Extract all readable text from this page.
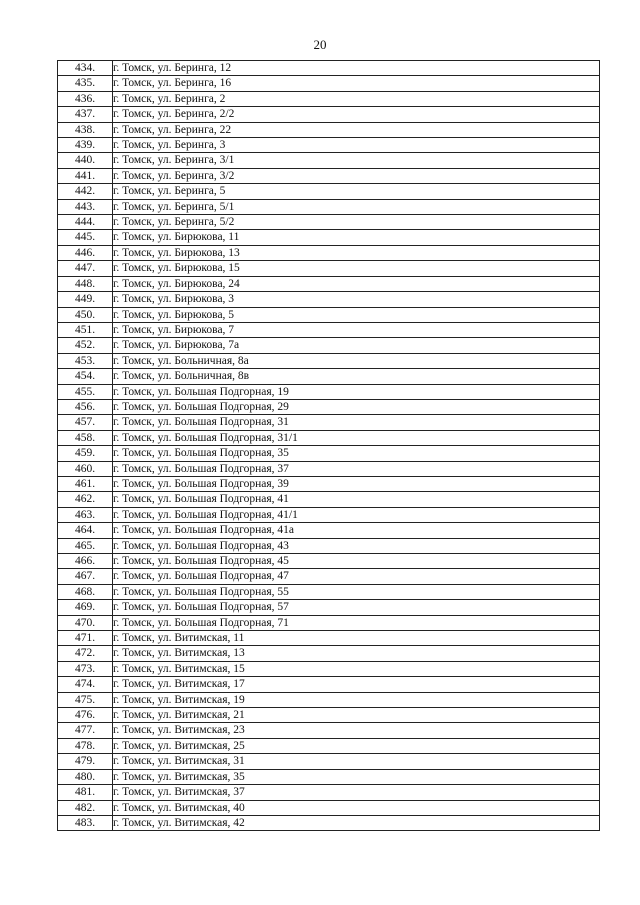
20
434.	г. Томск, ул. Беринга, 12
435.	г. Томск, ул. Беринга, 16
436.	г. Томск, ул. Беринга, 2
437.	г. Томск, ул. Беринга, 2/2
438.	г. Томск, ул. Беринга, 22
439.	г. Томск, ул. Беринга, 3
440.	г. Томск, ул. Беринга, 3/1
441.	г. Томск, ул. Беринга, 3/2
442.	г. Томск, ул. Беринга, 5
443.	г. Томск, ул. Беринга, 5/1
444.	г. Томск, ул. Беринга, 5/2
445.	г. Томск, ул. Бирюкова, 11
446.	г. Томск, ул. Бирюкова, 13
447.	г. Томск, ул. Бирюкова, 15
448.	г. Томск, ул. Бирюкова, 24
449.	г. Томск, ул. Бирюкова, 3
450.	г. Томск, ул. Бирюкова, 5
451.	г. Томск, ул. Бирюкова, 7
452.	г. Томск, ул. Бирюкова, 7а
453.	г. Томск, ул. Больничная, 8а
454.	г. Томск, ул. Больничная, 8в
455.	г. Томск, ул. Большая Подгорная, 19
456.	г. Томск, ул. Большая Подгорная, 29
457.	г. Томск, ул. Большая Подгорная, 31
458.	г. Томск, ул. Большая Подгорная, 31/1
459.	г. Томск, ул. Большая Подгорная, 35
460.	г. Томск, ул. Большая Подгорная, 37
461.	г. Томск, ул. Большая Подгорная, 39
462.	г. Томск, ул. Большая Подгорная, 41
463.	г. Томск, ул. Большая Подгорная, 41/1
464.	г. Томск, ул. Большая Подгорная, 41а
465.	г. Томск, ул. Большая Подгорная, 43
466.	г. Томск, ул. Большая Подгорная, 45
467.	г. Томск, ул. Большая Подгорная, 47
468.	г. Томск, ул. Большая Подгорная, 55
469.	г. Томск, ул. Большая Подгорная, 57
470.	г. Томск, ул. Большая Подгорная, 71
471.	г. Томск, ул. Витимская, 11
472.	г. Томск, ул. Витимская, 13
473.	г. Томск, ул. Витимская, 15
474.	г. Томск, ул. Витимская, 17
475.	г. Томск, ул. Витимская, 19
476.	г. Томск, ул. Витимская, 21
477.	г. Томск, ул. Витимская, 23
478.	г. Томск, ул. Витимская, 25
479.	г. Томск, ул. Витимская, 31
480.	г. Томск, ул. Витимская, 35
481.	г. Томск, ул. Витимская, 37
482.	г. Томск, ул. Витимская, 40
483.	г. Томск, ул. Витимская, 42
